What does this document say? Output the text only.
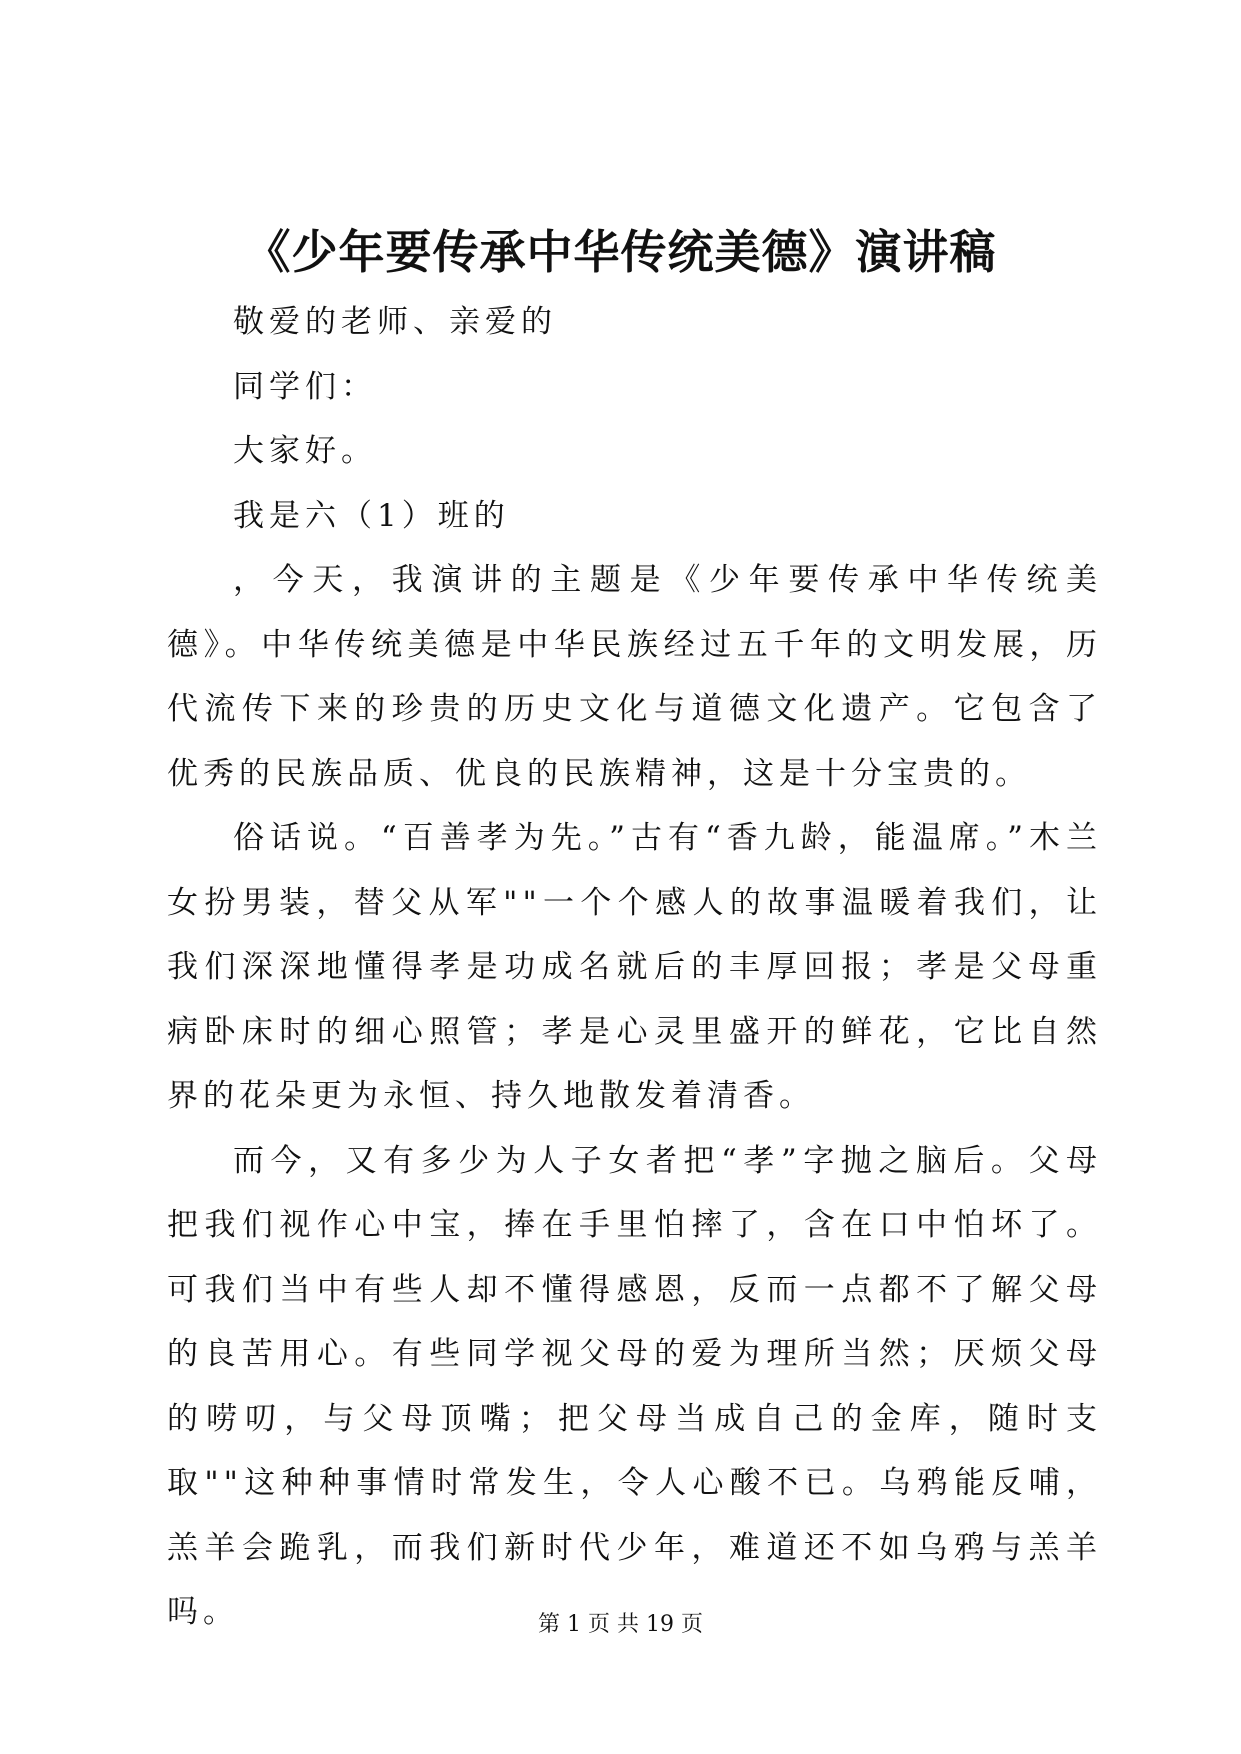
《少年要传承中华传统美德》演讲稿

敬爱的老师、亲爱的

同学们：

大家好。

我是六（1）班的

，今天，我演讲的主题是《少年要传承中华传统美德》。中华传统美德是中华民族经过五千年的文明发展，历代流传下来的珍贵的历史文化与道德文化遗产。它包含了优秀的民族品质、优良的民族精神，这是十分宝贵的。

俗话说。“百善孝为先。”古有“香九龄，能温席。”木兰女扮男装，替父从军""一个个感人的故事温暖着我们，让我们深深地懂得孝是功成名就后的丰厚回报；孝是父母重病卧床时的细心照管；孝是心灵里盛开的鲜花，它比自然界的花朵更为永恒、持久地散发着清香。

而今，又有多少为人子女者把“孝”字抛之脑后。父母把我们视作心中宝，捧在手里怕摔了，含在口中怕坏了。可我们当中有些人却不懂得感恩，反而一点都不了解父母的良苦用心。有些同学视父母的爱为理所当然；厌烦父母的唠叨，与父母顶嘴；把父母当成自己的金库，随时支取""这种种事情时常发生，令人心酸不已。乌鸦能反哺，羔羊会跪乳，而我们新时代少年，难道还不如乌鸦与羔羊吗。	第 1 页 共 19 页
